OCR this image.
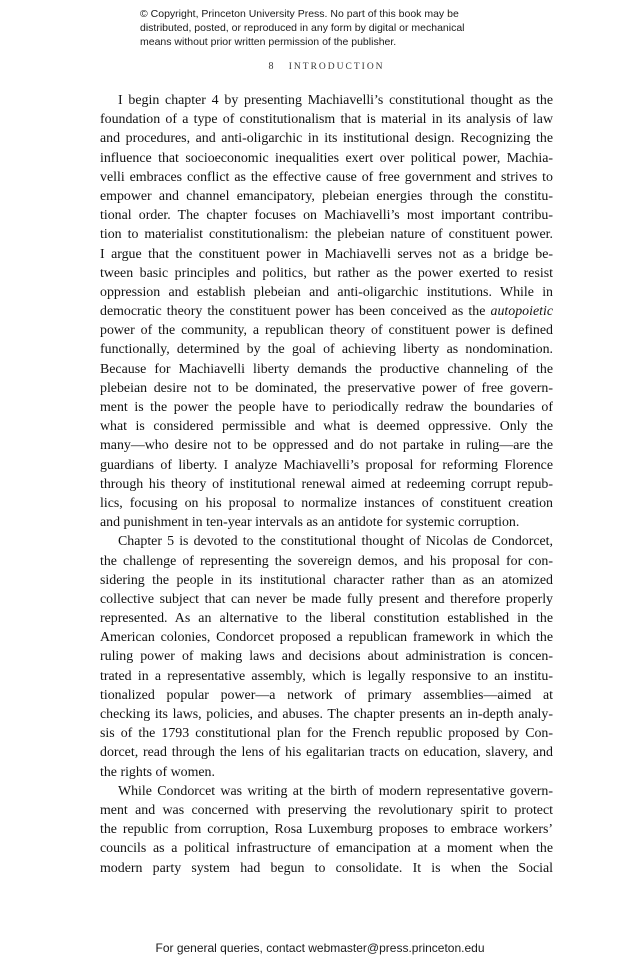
© Copyright, Princeton University Press. No part of this book may be
distributed, posted, or reproduced in any form by digital or mechanical
means without prior written permission of the publisher.
8 INTRODUCTION
I begin chapter 4 by presenting Machiavelli’s constitutional thought as the
foundation of a type of constitutionalism that is material in its analysis of law
and procedures, and anti-oligarchic in its institutional design. Recognizing the
influence that socioeconomic inequalities exert over political power, Machia-
velli embraces conflict as the effective cause of free government and strives to
empower and channel emancipatory, plebeian energies through the constitu-
tional order. The chapter focuses on Machiavelli’s most important contribu-
tion to materialist constitutionalism: the plebeian nature of constituent power.
I argue that the constituent power in Machiavelli serves not as a bridge be-
tween basic principles and politics, but rather as the power exerted to resist
oppression and establish plebeian and anti-oligarchic institutions. While in
democratic theory the constituent power has been conceived as the autopoietic
power of the community, a republican theory of constituent power is defined
functionally, determined by the goal of achieving liberty as nondomination.
Because for Machiavelli liberty demands the productive channeling of the
plebeian desire not to be dominated, the preservative power of free govern-
ment is the power the people have to periodically redraw the boundaries of
what is considered permissible and what is deemed oppressive. Only the
many—who desire not to be oppressed and do not partake in ruling—are the
guardians of liberty. I analyze Machiavelli’s proposal for reforming Florence
through his theory of institutional renewal aimed at redeeming corrupt repub-
lics, focusing on his proposal to normalize instances of constituent creation
and punishment in ten-year intervals as an antidote for systemic corruption.
Chapter 5 is devoted to the constitutional thought of Nicolas de Condorcet,
the challenge of representing the sovereign demos, and his proposal for con-
sidering the people in its institutional character rather than as an atomized
collective subject that can never be made fully present and therefore properly
represented. As an alternative to the liberal constitution established in the
American colonies, Condorcet proposed a republican framework in which the
ruling power of making laws and decisions about administration is concen-
trated in a representative assembly, which is legally responsive to an institu-
tionalized popular power—a network of primary assemblies—aimed at
checking its laws, policies, and abuses. The chapter presents an in-depth analy-
sis of the 1793 constitutional plan for the French republic proposed by Con-
dorcet, read through the lens of his egalitarian tracts on education, slavery, and
the rights of women.
While Condorcet was writing at the birth of modern representative govern-
ment and was concerned with preserving the revolutionary spirit to protect
the republic from corruption, Rosa Luxemburg proposes to embrace workers’
councils as a political infrastructure of emancipation at a moment when the
modern party system had begun to consolidate. It is when the Social
For general queries, contact webmaster@press.princeton.edu
